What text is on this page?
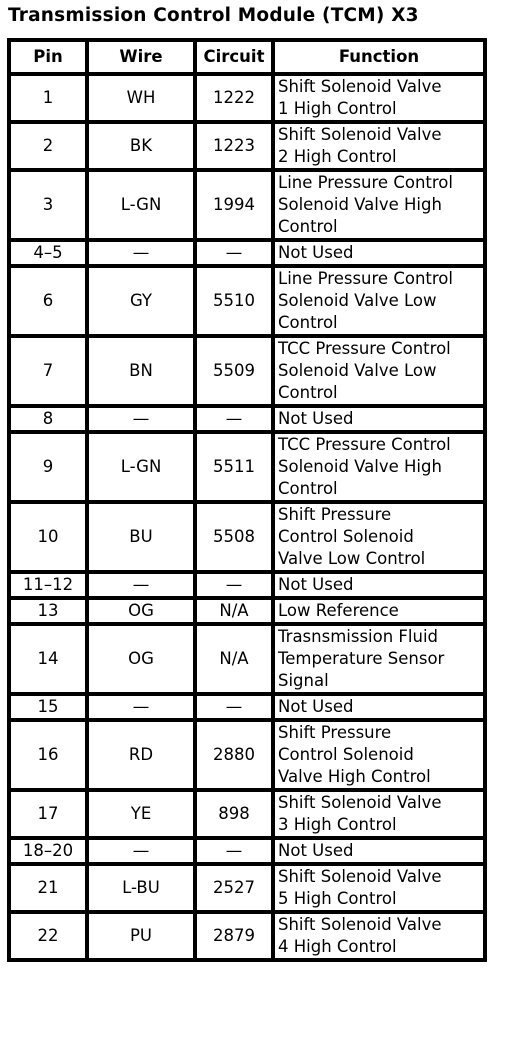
Transmission Control Module (TCM) X3
Pin	Wire	Circuit	Function
1	WH	1222	Shift Solenoid Valve
1 High Control

2	BK	1223	Shift Solenoid Valve
2 High Control

3	L-GN	1994	Line Pressure Control
Solenoid Valve High
Control

4–5	—	—	Not Used

6	GY	5510	Line Pressure Control
Solenoid Valve Low
Control

7	BN	5509	TCC Pressure Control
Solenoid Valve Low
Control

8	—	—	Not Used

9	L-GN	5511	TCC Pressure Control
Solenoid Valve High
Control

10	BU	5508	Shift Pressure
Control Solenoid
Valve Low Control

11–12	—	—	Not Used

13	OG	N/A	Low Reference

14	OG	N/A	Trasnsmission Fluid
Temperature Sensor
Signal

15	—	—	Not Used

16	RD	2880	Shift Pressure
Control Solenoid
Valve High Control

17	YE	898	Shift Solenoid Valve
3 High Control

18–20	—	—	Not Used

21	L-BU	2527	Shift Solenoid Valve
5 High Control

22	PU	2879	Shift Solenoid Valve
4 High Control
